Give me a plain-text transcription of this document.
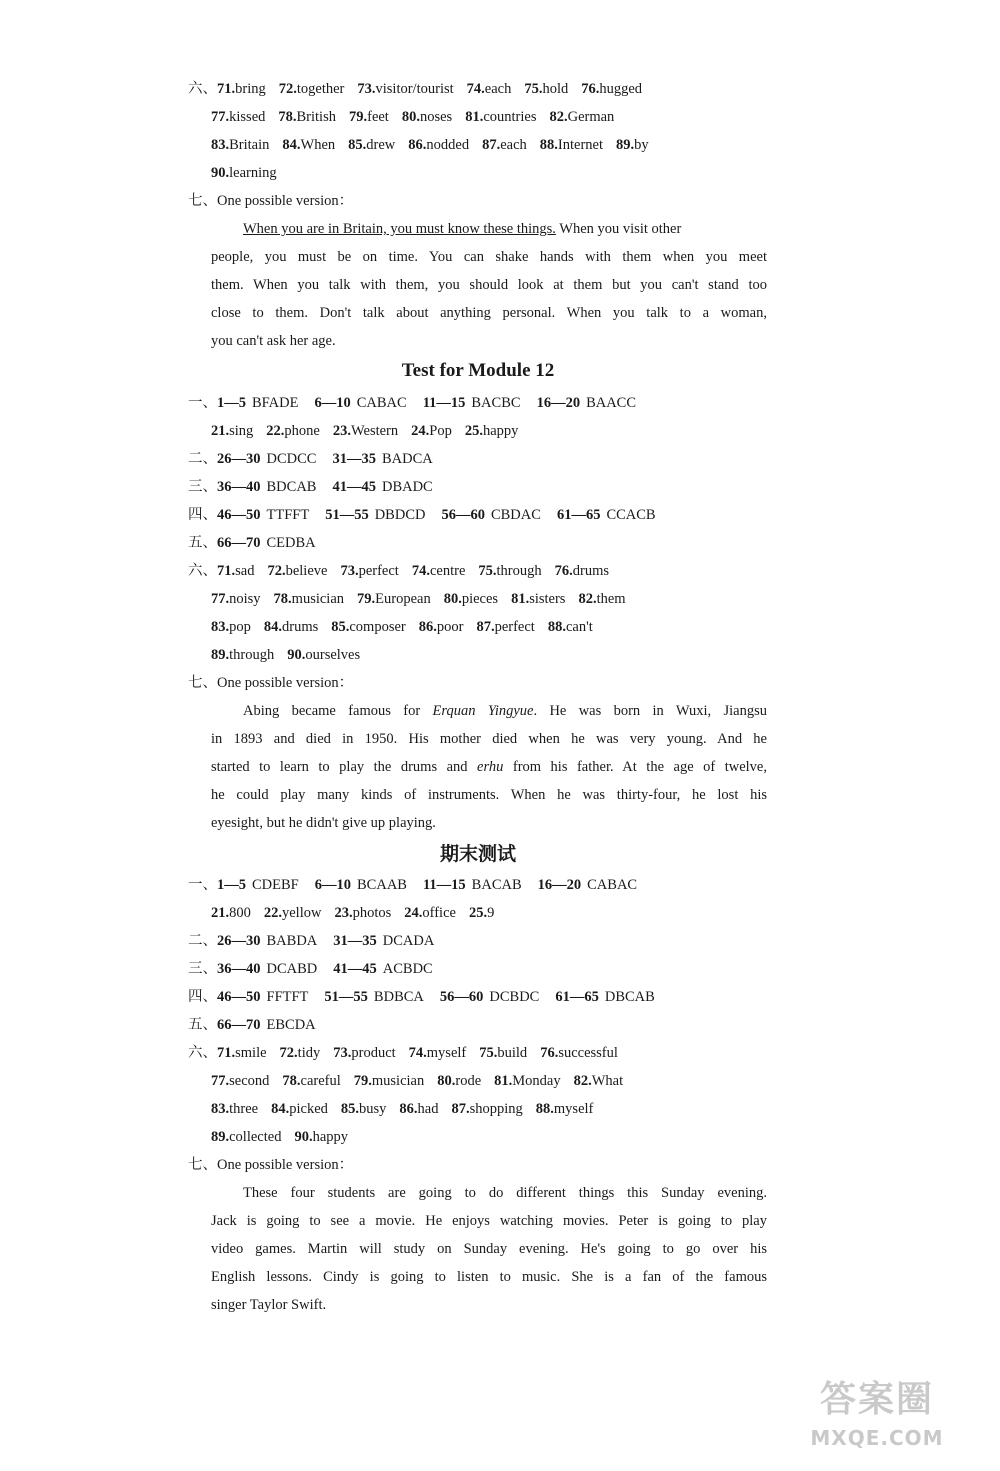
六、71.bring 72.together 73.visitor/tourist 74.each 75.hold 76.hugged
77.kissed 78.British 79.feet 80.noses 81.countries 82.German
83.Britain 84.When 85.drew 86.nodded 87.each 88.Internet 89.by
90.learning
七、One possible version：
When you are in Britain, you must know these things. When you visit other
people, you must be on time. You can shake hands with them when you meet
them. When you talk with them, you should look at them but you can't stand too
close to them. Don't talk about anything personal. When you talk to a woman,
you can't ask her age.
Test for Module 12
一、1—5 BFADE 6—10 CABAC 11—15 BACBC 16—20 BAACC
21.sing 22.phone 23.Western 24.Pop 25.happy
二、26—30 DCDCC 31—35 BADCA
三、36—40 BDCAB 41—45 DBADC
四、46—50 TTFFT 51—55 DBDCD 56—60 CBDAC 61—65 CCACB
五、66—70 CEDBA
六、71.sad 72.believe 73.perfect 74.centre 75.through 76.drums
77.noisy 78.musician 79.European 80.pieces 81.sisters 82.them
83.pop 84.drums 85.composer 86.poor 87.perfect 88.can't
89.through 90.ourselves
七、One possible version：
Abing became famous for Erquan Yingyue. He was born in Wuxi, Jiangsu
in 1893 and died in 1950. His mother died when he was very young. And he
started to learn to play the drums and erhu from his father. At the age of twelve,
he could play many kinds of instruments. When he was thirty-four, he lost his
eyesight, but he didn't give up playing.
期末测试
一、1—5 CDEBF 6—10 BCAAB 11—15 BACAB 16—20 CABAC
21.800 22.yellow 23.photos 24.office 25.9
二、26—30 BABDA 31—35 DCADA
三、36—40 DCABD 41—45 ACBDC
四、46—50 FFTFT 51—55 BDBCA 56—60 DCBDC 61—65 DBCAB
五、66—70 EBCDA
六、71.smile 72.tidy 73.product 74.myself 75.build 76.successful
77.second 78.careful 79.musician 80.rode 81.Monday 82.What
83.three 84.picked 85.busy 86.had 87.shopping 88.myself
89.collected 90.happy
七、One possible version：
These four students are going to do different things this Sunday evening.
Jack is going to see a movie. He enjoys watching movies. Peter is going to play
video games. Martin will study on Sunday evening. He's going to go over his
English lessons. Cindy is going to listen to music. She is a fan of the famous
singer Taylor Swift.
答案圈
MXQE.COM
